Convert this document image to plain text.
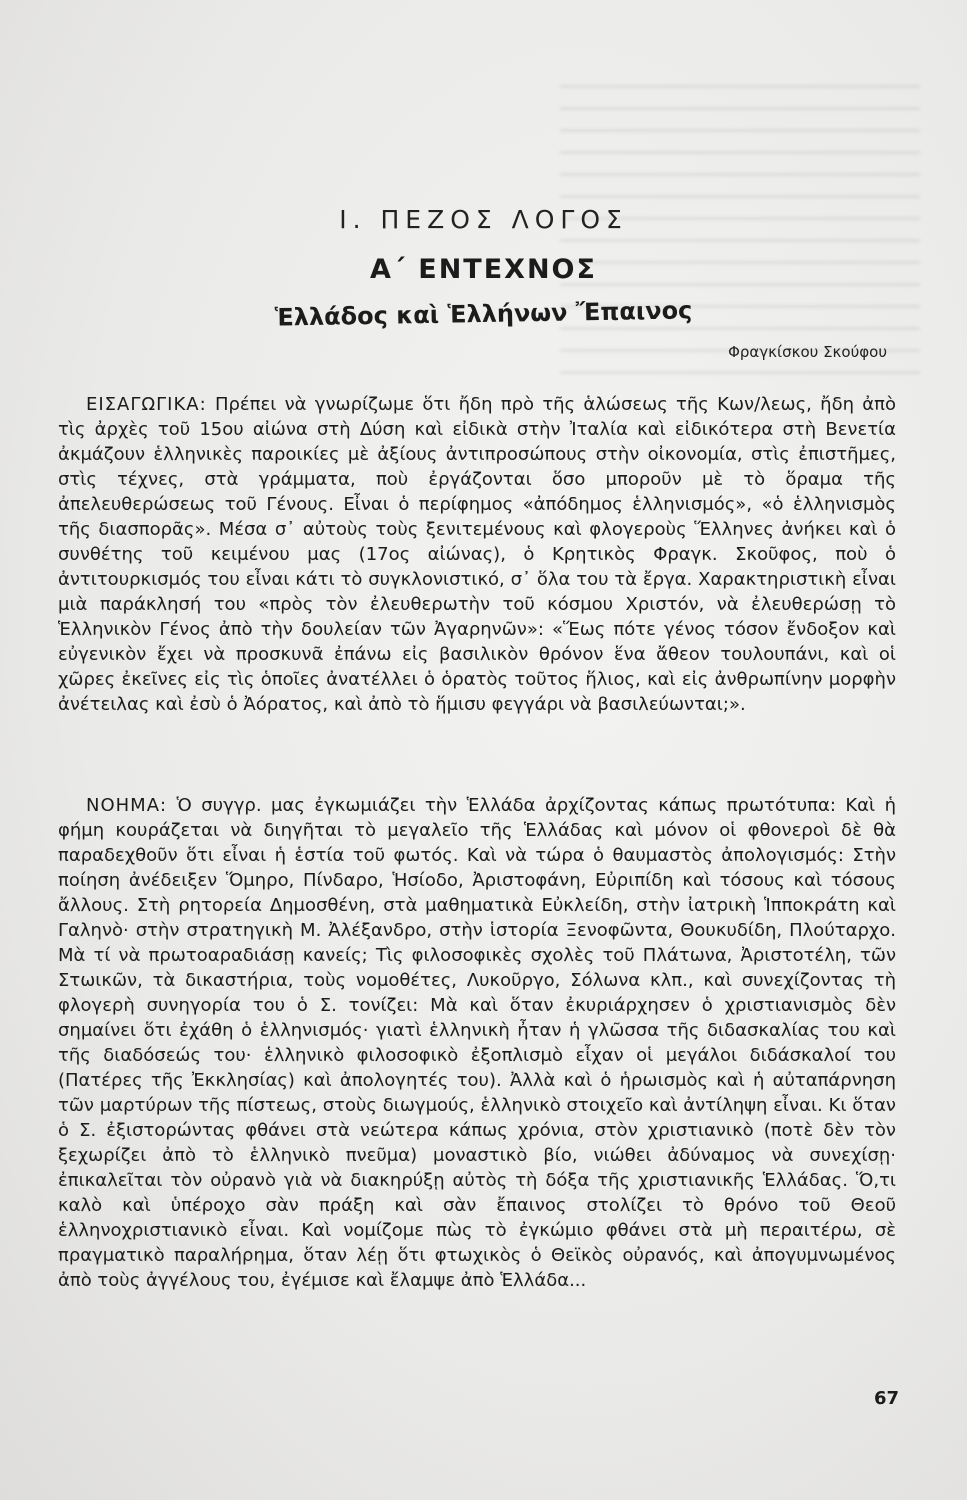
Ι. ΠΕΖΟΣ ΛΟΓΟΣ
Α΄ ΕΝΤΕΧΝΟΣ
Ἑλλάδος καὶ Ἑλλήνων Ἔπαινος
Φραγκίσκου Σκούφου

ΕΙΣΑΓΩΓΙΚΑ: Πρέπει νὰ γνωρίζωμε ὅτι ἤδη πρὸ τῆς ἁλώσεως τῆς Κων/λεως, ἤδη ἀπὸ τὶς ἀρχὲς τοῦ 15ου αἰώνα στὴ Δύση καὶ εἰδικὰ στὴν Ἰταλία καὶ εἰδικότερα στὴ Βενετία ἀκμάζουν ἑλληνικὲς παροικίες μὲ ἀξίους ἀντιπροσώπους στὴν οἰκονομία, στὶς ἐπιστῆμες, στὶς τέχνες, στὰ γράμματα, ποὺ ἐργάζονται ὅσο μποροῦν μὲ τὸ ὅραμα τῆς ἀπελευθερώσεως τοῦ Γένους. Εἶναι ὁ περίφημος «ἀπόδημος ἑλληνισμός», «ὁ ἑλληνισμὸς τῆς διασπορᾶς». Μέσα σ᾽ αὐτοὺς τοὺς ξενιτεμένους καὶ φλογεροὺς Ἕλληνες ἀνήκει καὶ ὁ συνθέτης τοῦ κειμένου μας (17ος αἰώνας), ὁ Κρητικὸς Φραγκ. Σκοῦφος, ποὺ ὁ ἀντιτουρκισμός του εἶναι κάτι τὸ συγκλονιστικό, σ᾽ ὅλα του τὰ ἔργα. Χαρακτηριστικὴ εἶναι μιὰ παράκλησή του «πρὸς τὸν ἐλευθερωτὴν τοῦ κόσμου Χριστόν, νὰ ἐλευθερώσῃ τὸ Ἑλληνικὸν Γένος ἀπὸ τὴν δουλείαν τῶν Ἀγαρηνῶν»: «Ἕως πότε γένος τόσον ἔνδοξον καὶ εὐγενικὸν ἔχει νὰ προσκυνᾶ ἐπάνω εἰς βασιλικὸν θρόνον ἕνα ἄθεον τουλουπάνι, καὶ οἱ χῶρες ἐκεῖνες εἰς τὶς ὁποῖες ἀνατέλλει ὁ ὁρατὸς τοῦτος ἥλιος, καὶ εἰς ἀνθρωπίνην μορφὴν ἀνέτειλας καὶ ἐσὺ ὁ Ἀόρατος, καὶ ἀπὸ τὸ ἥμισυ φεγγάρι νὰ βασιλεύωνται;».

ΝΟΗΜΑ: Ὁ συγγρ. μας ἐγκωμιάζει τὴν Ἑλλάδα ἀρχίζοντας κάπως πρωτότυπα: Καὶ ἡ φήμη κουράζεται νὰ διηγῆται τὸ μεγαλεῖο τῆς Ἑλλάδας καὶ μόνον οἱ φθονεροὶ δὲ θὰ παραδεχθοῦν ὅτι εἶναι ἡ ἑστία τοῦ φωτός. Καὶ νὰ τώρα ὁ θαυμαστὸς ἀπολογισμός: Στὴν ποίηση ἀνέδειξεν Ὅμηρο, Πίνδαρο, Ἡσίοδο, Ἀριστοφάνη, Εὐριπίδη καὶ τόσους καὶ τόσους ἄλλους. Στὴ ρητορεία Δημοσθένη, στὰ μαθηματικὰ Εὐκλείδη, στὴν ἰατρικὴ Ἱπποκράτη καὶ Γαληνὸ· στὴν στρατηγικὴ Μ. Ἀλέξανδρο, στὴν ἱστορία Ξενοφῶντα, Θουκυδίδη, Πλούταρχο. Μὰ τί νὰ πρωτοαραδιάσῃ κανείς; Τὶς φιλοσοφικὲς σχολὲς τοῦ Πλάτωνα, Ἀριστοτέλη, τῶν Στωικῶν, τὰ δικαστήρια, τοὺς νομοθέτες, Λυκοῦργο, Σόλωνα κλπ., καὶ συνεχίζοντας τὴ φλογερὴ συνηγορία του ὁ Σ. τονίζει: Μὰ καὶ ὅταν ἐκυριάρχησεν ὁ χριστιανισμὸς δὲν σημαίνει ὅτι ἐχάθη ὁ ἑλληνισμός· γιατὶ ἑλληνικὴ ἦταν ἡ γλῶσσα τῆς διδασκαλίας του καὶ τῆς διαδόσεώς του· ἑλληνικὸ φιλοσοφικὸ ἐξοπλισμὸ εἶχαν οἱ μεγάλοι διδάσκαλοί του (Πατέρες τῆς Ἐκκλησίας) καὶ ἀπολογητές του). Ἀλλὰ καὶ ὁ ἡρωισμὸς καὶ ἡ αὐταπάρνηση τῶν μαρτύρων τῆς πίστεως, στοὺς διωγμούς, ἑλληνικὸ στοιχεῖο καὶ ἀντίληψη εἶναι. Κι ὅταν ὁ Σ. ἐξιστορώντας φθάνει στὰ νεώτερα κάπως χρόνια, στὸν χριστιανικὸ (ποτὲ δὲν τὸν ξεχωρίζει ἀπὸ τὸ ἑλληνικὸ πνεῦμα) μοναστικὸ βίο, νιώθει ἀδύναμος νὰ συνεχίσῃ· ἐπικαλεῖται τὸν οὐρανὸ γιὰ νὰ διακηρύξῃ αὐτὸς τὴ δόξα τῆς χριστιανικῆς Ἑλλάδας. Ὅ,τι καλὸ καὶ ὑπέροχο σὰν πράξη καὶ σὰν ἔπαινος στολίζει τὸ θρόνο τοῦ Θεοῦ ἑλληνοχριστιανικὸ εἶναι. Καὶ νομίζομε πὼς τὸ ἐγκώμιο φθάνει στὰ μὴ περαιτέρω, σὲ πραγματικὸ παραλήρημα, ὅταν λέῃ ὅτι φτωχικὸς ὁ Θεϊκὸς οὐρανός, καὶ ἀπογυμνωμένος ἀπὸ τοὺς ἀγγέλους του, ἐγέμισε καὶ ἔλαμψε ἀπὸ Ἑλλάδα...

67
